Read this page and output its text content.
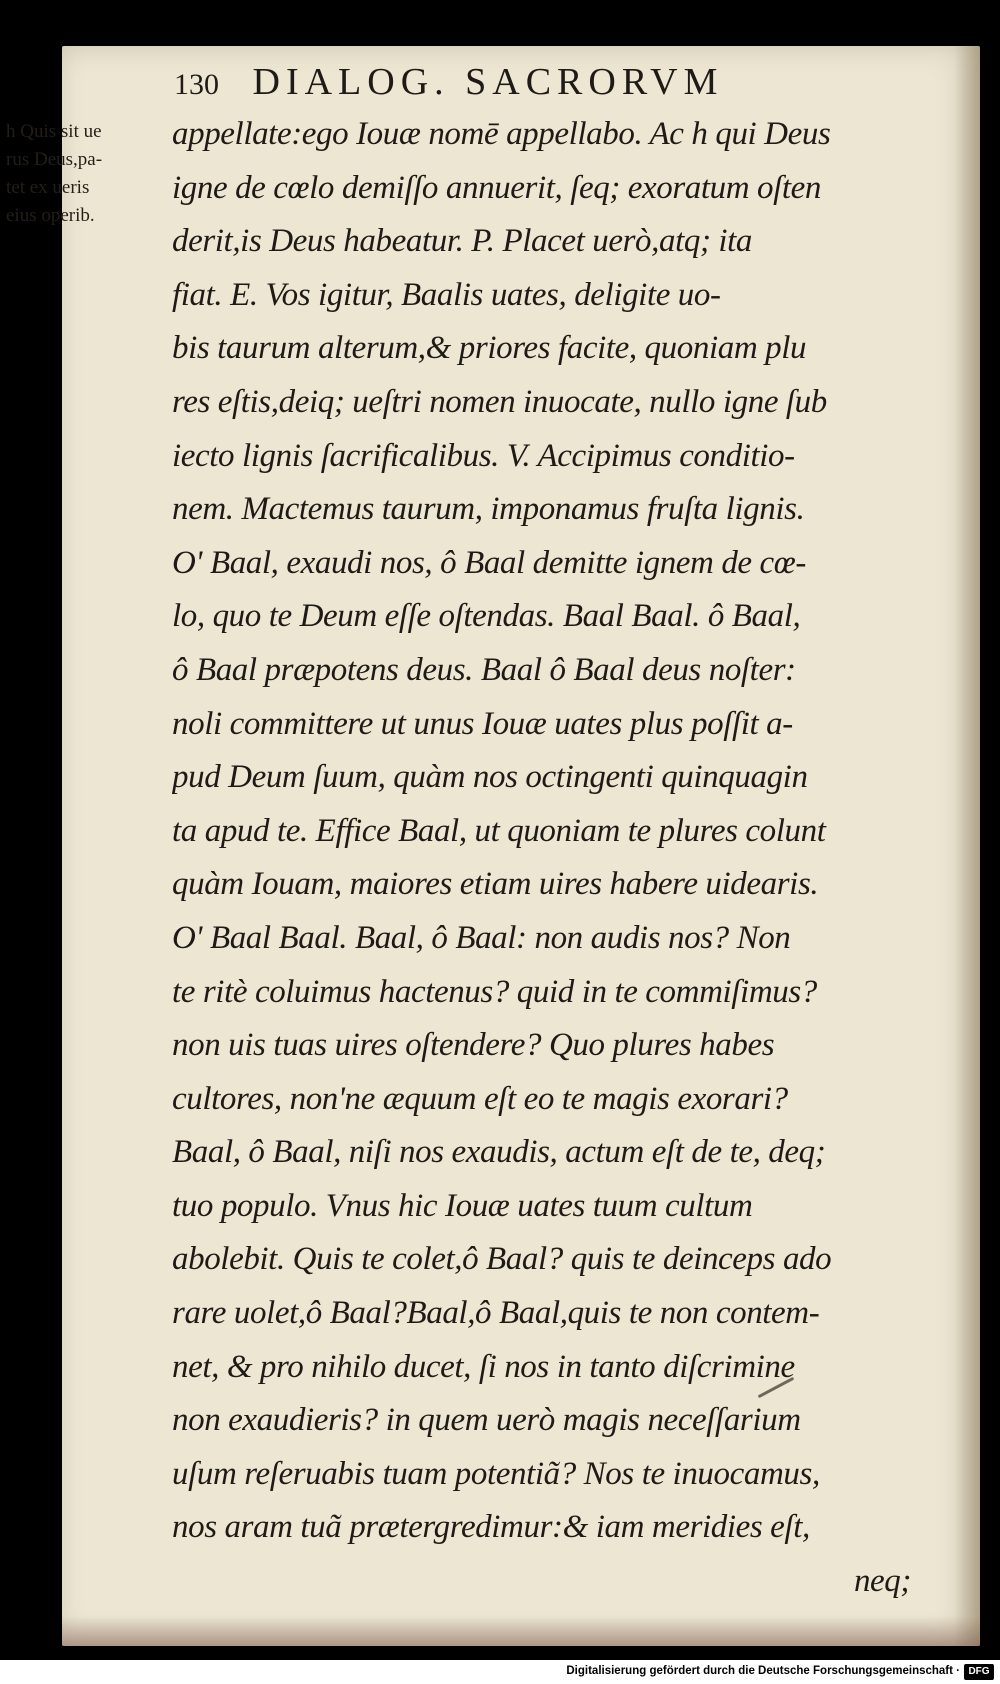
130 DIALOG. SACRORVM
h Quis sit ue
rus Deus,pa-
tet ex ueris
eius operib.
appellate:ego Iouæ nomē appellabo. Ac h qui Deus
igne de cœlo demiſſo annuerit, ſeq; exoratum oſten
derit,is Deus habeatur. P. Placet uerò,atq; ita
fiat. E. Vos igitur, Baalis uates, deligite uo-
bis taurum alterum,& priores facite, quoniam plu
res eſtis,deiq; ueſtri nomen inuocate, nullo igne ſub
iecto lignis ſacrificalibus. V. Accipimus conditio-
nem. Mactemus taurum, imponamus fruſta lignis.
O' Baal, exaudi nos, ô Baal demitte ignem de cœ-
lo, quo te Deum eſſe oſtendas. Baal Baal. ô Baal,
ô Baal præpotens deus. Baal ô Baal deus noſter:
noli committere ut unus Iouæ uates plus poſſit a-
pud Deum ſuum, quàm nos octingenti quinquagin
ta apud te. Effice Baal, ut quoniam te plures colunt
quàm Iouam, maiores etiam uires habere uidearis.
O' Baal Baal. Baal, ô Baal: non audis nos? Non
te ritè coluimus hactenus? quid in te commiſimus?
non uis tuas uires oſtendere? Quo plures habes
cultores, non'ne æquum eſt eo te magis exorari?
Baal, ô Baal, niſi nos exaudis, actum eſt de te, deq;
tuo populo. Vnus hic Iouæ uates tuum cultum
abolebit. Quis te colet,ô Baal? quis te deinceps ado
rare uolet,ô Baal?Baal,ô Baal,quis te non contem-
net, & pro nihilo ducet, ſi nos in tanto diſcrimine
non exaudieris? in quem uerò magis neceſſarium
uſum reſeruabis tuam potentiã? Nos te inuocamus,
nos aram tuã prætergredimur:& iam meridies eſt,
neq;
Digitalisierung gefördert durch die Deutsche Forschungsgemeinschaft · DFG
